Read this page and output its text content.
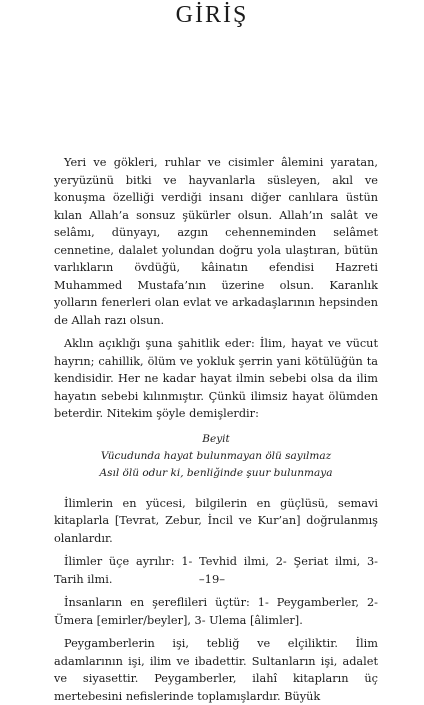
GİRİŞ

Yeri ve gökleri, ruhlar ve cisimler âlemini yaratan, yeryüzünü bitki ve hayvanlarla süsleyen, akıl ve konuşma özelliği verdiği insanı diğer canlılara üstün kılan Allah’a sonsuz şükürler olsun. Allah’ın salât ve selâmı, dünyayı, azgın cehenneminden selâmet cennetine, dalalet yolundan doğru yola ulaştıran, bütün varlıkların övdüğü, kâinatın efendisi Hazreti Muhammed Mustafa’nın üzerine olsun. Karanlık yolların fenerleri olan evlat ve arkadaşlarının hepsinden de Allah razı olsun.

Aklın açıklığı şuna şahitlik eder: İlim, hayat ve vücut hayrın; cahillik, ölüm ve yokluk şerrin yani kötülüğün ta kendisidir. Her ne kadar hayat ilmin sebebi olsa da ilim hayatın sebebi kılınmıştır. Çünkü ilimsiz hayat ölümden beterdir. Nitekim şöyle demişlerdir:

Beyit
Vücudunda hayat bulunmayan ölü sayılmaz
Asıl ölü odur ki, benliğinde şuur bulunmaya

İlimlerin en yücesi, bilgilerin en güçlüsü, semavi kitaplarla [Tevrat, Zebur, İncil ve Kur’an] doğrulanmış olanlardır.

İlimler üçe ayrılır: 1- Tevhid ilmi, 2- Şeriat ilmi, 3- Tarih ilmi.

İnsanların en şereflileri üçtür: 1- Peygamberler, 2- Ümera [emirler/beyler], 3- Ulema [âlimler].

Peygamberlerin işi, tebliğ ve elçiliktir. İlim adamlarının işi, ilim ve ibadettir. Sultanların işi, adalet ve siyasettir. Peygamberler, ilahî kitapların üç mertebesini nefislerinde toplamışlardır. Büyük

–19–
